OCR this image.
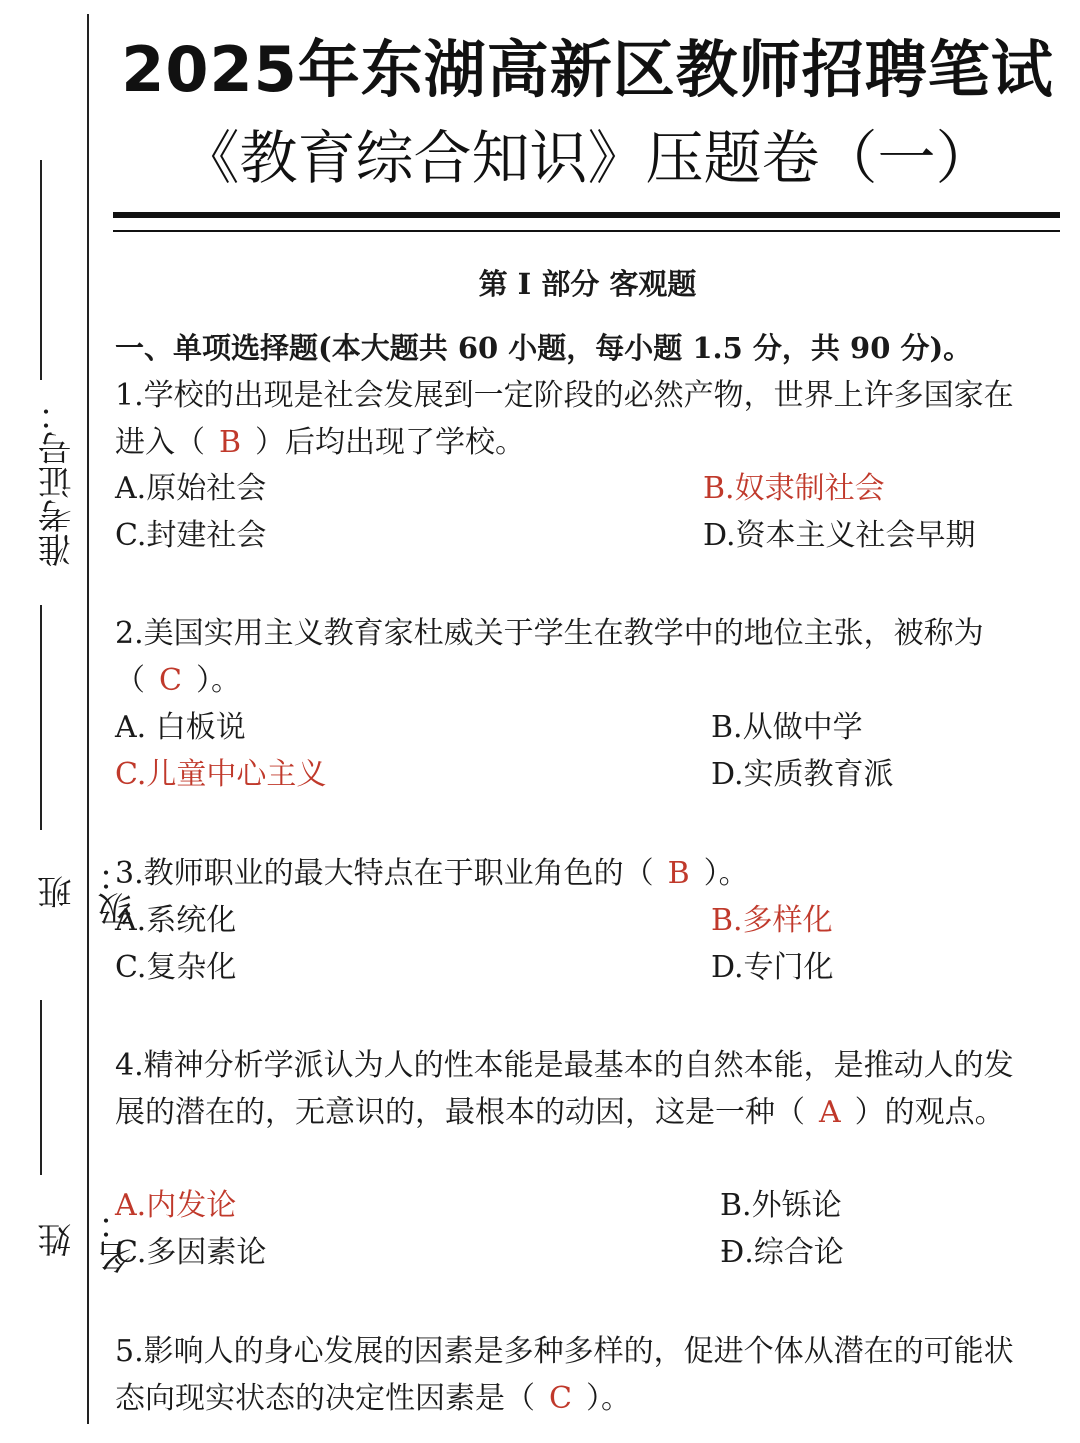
准考证号：
班级：
姓名：
2025年东湖高新区教师招聘笔试
《教育综合知识》压题卷（一）
第 I 部分 客观题
一、单项选择题(本大题共 60 小题，每小题 1.5 分，共 90 分)。
1.学校的出现是社会发展到一定阶段的必然产物，世界上许多国家在进入（ B ）后均出现了学校。
A.原始社会	B.奴隶制社会
C.封建社会	D.资本主义社会早期
2.美国实用主义教育家杜威关于学生在教学中的地位主张，被称为（ C ）。
A. 白板说	B.从做中学
C.儿童中心主义	D.实质教育派
3.教师职业的最大特点在于职业角色的（ B ）。
A.系统化	B.多样化
C.复杂化	D.专门化
4.精神分析学派认为人的性本能是最基本的自然本能，是推动人的发展的潜在的，无意识的，最根本的动因，这是一种（ A ）的观点。
A.内发论	B.外铄论
C.多因素论	Ɖ.综合论
5.影响人的身心发展的因素是多种多样的，促进个体从潜在的可能状态向现实状态的决定性因素是（ C ）。
